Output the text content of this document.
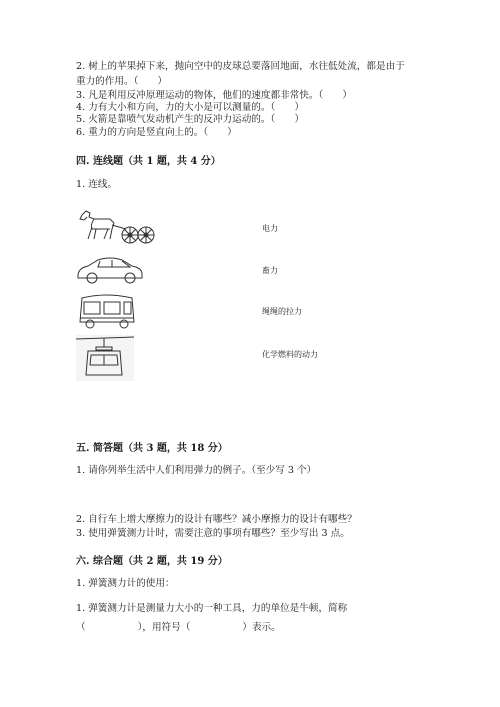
2. 树上的苹果掉下来，抛向空中的皮球总要落回地面，水往低处流，都是由于
重力的作用。（　　）
3. 凡是利用反冲原理运动的物体，他们的速度都非常快。（　　）
4. 力有大小和方向，力的大小是可以测量的。（　　）
5. 火箭是靠喷气发动机产生的反冲力运动的。（　　）
6. 重力的方向是竖直向上的。（　　）
四. 连线题（共 1 题，共 4 分）
1. 连线。
电力
畜力
绳绳的拉力
化学燃料的动力
五. 简答题（共 3 题，共 18 分）
1. 请你列举生活中人们利用弹力的例子。（至少写 3 个）
2. 自行车上增大摩擦力的设计有哪些？减小摩擦力的设计有哪些？
3. 使用弹簧测力计时，需要注意的事项有哪些？至少写出 3 点。
六. 综合题（共 2 题，共 19 分）
1. 弹簧测力计的使用：
1. 弹簧测力计是测量力大小的一种工具，力的单位是牛顿，简称
（	），用符号（	）表示。
